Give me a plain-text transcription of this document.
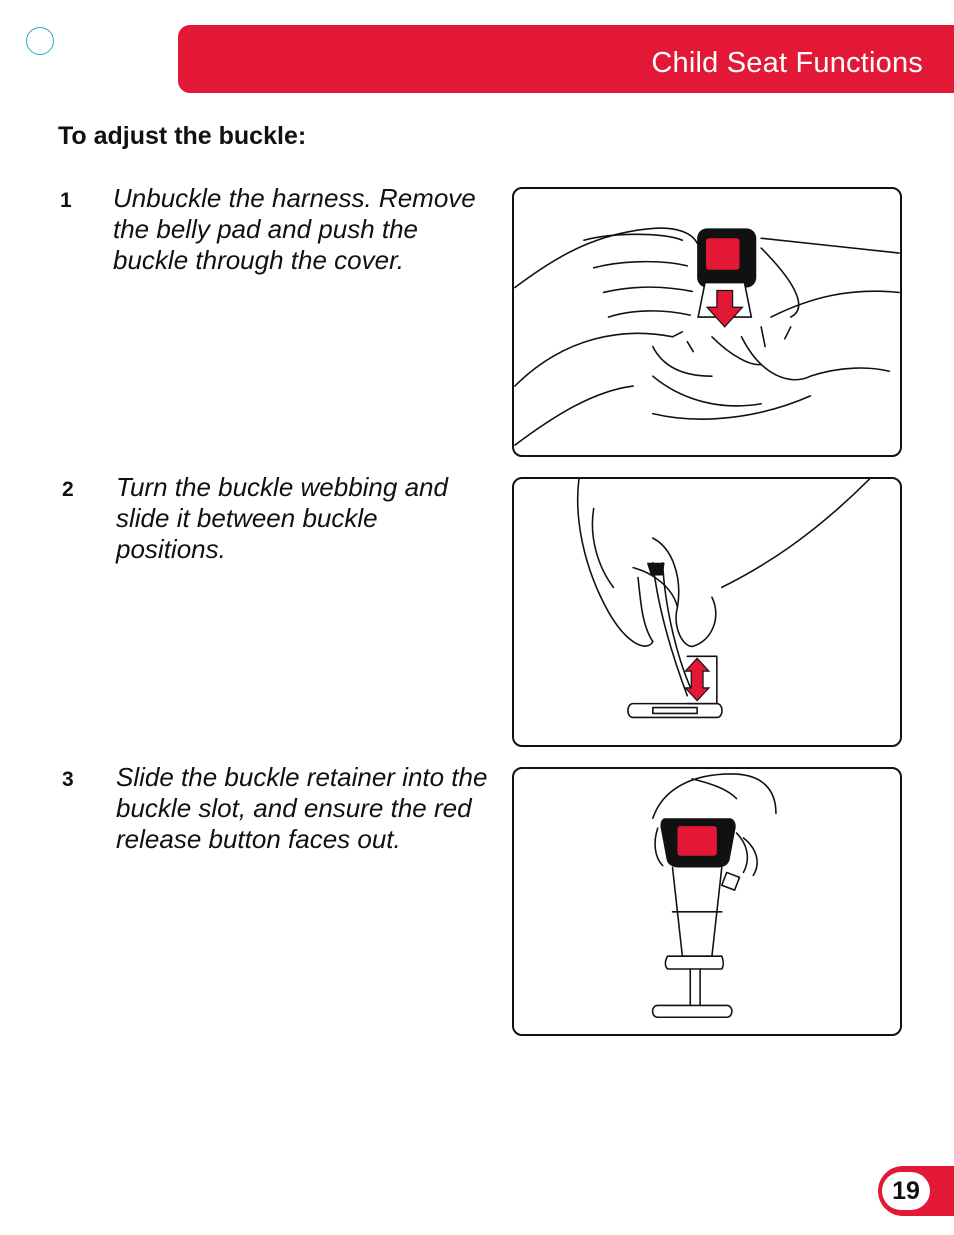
Child Seat Functions
To adjust the buckle:
1 Unbuckle the harness. Remove the belly pad and push the buckle through the cover.

2 Turn the buckle webbing and slide it between buckle positions.

3 Slide the buckle retainer into the buckle slot, and ensure the red release button faces out.

19
